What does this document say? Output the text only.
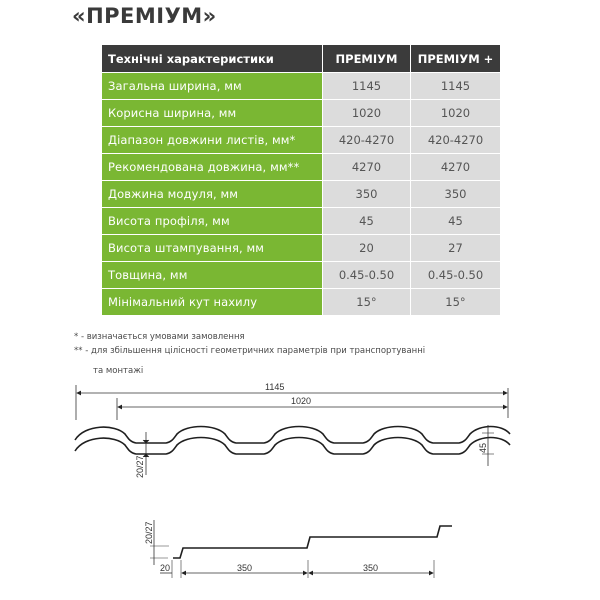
«ПРЕМІУМ»
Технічні характеристики	ПРЕМІУМ	ПРЕМІУМ +
Загальна ширина, мм	1145	1145
Корисна ширина, мм	1020	1020
Діапазон довжини листів, мм*	420-4270	420-4270
Рекомендована довжина, мм**	4270	4270
Довжина модуля, мм	350	350
Висота профіля, мм	45	45
Висота штампування, мм	20	27
Товщина, мм	0.45-0.50	0.45-0.50
Мінімальний кут нахилу	15°	15°
* - визначається умовами замовлення
** - для збільшення цілісності геометричних параметрів при транспортуванні
та монтажі
1145
1020
20/27
45
20/27
20	350	350
